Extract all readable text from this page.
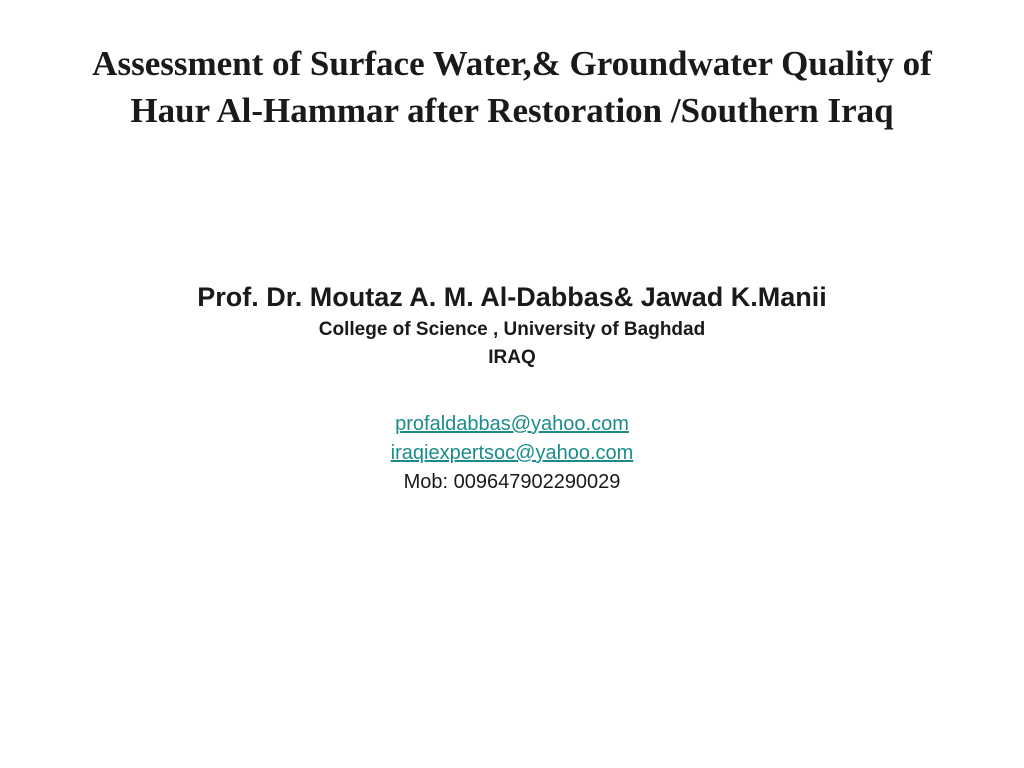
Assessment of Surface Water,& Groundwater Quality of
Haur Al-Hammar after Restoration /Southern Iraq
Prof. Dr. Moutaz A. M. Al-Dabbas& Jawad K.Manii
College of Science , University of Baghdad
IRAQ
profaldabbas@yahoo.com
iraqiexpertsoc@yahoo.com
Mob: 009647902290029
